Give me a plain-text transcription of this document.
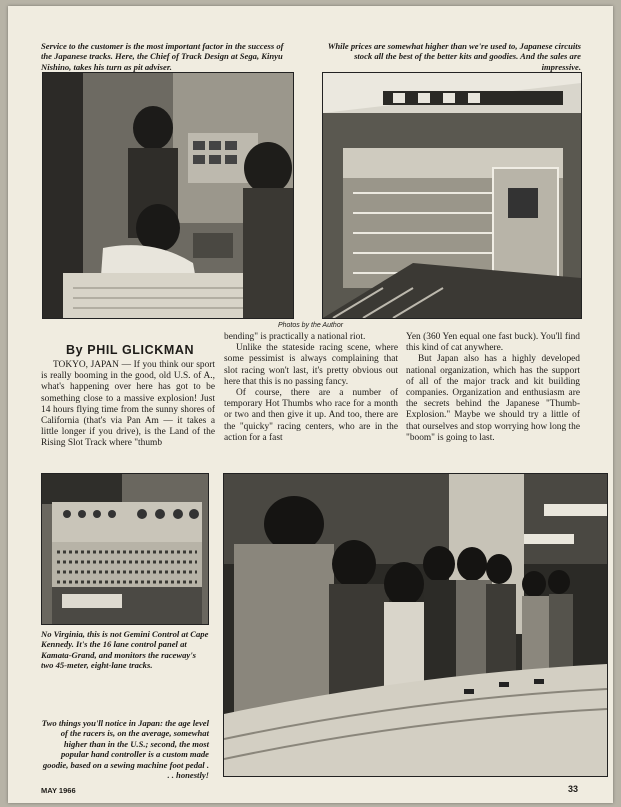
Service to the customer is the most important factor in the success of the Japanese tracks. Here, the Chief of Track Design at Sega, Kinyu Nishino, takes his turn as pit adviser.
While prices are somewhat higher than we're used to, Japanese circuits stock all the best of the better kits and goodies. And the sales are impressive.
Photos by the Author
By PHIL GLICKMAN

TOKYO, JAPAN — If you think our sport is really booming in the good, old U.S. of A., what's happening over here has got to be something close to a massive explosion! Just 14 hours flying time from the sunny shores of California (that's via Pan Am — it takes a little longer if you drive), is the Land of the Rising Slot Track where "thumb

bending" is practically a national riot.

Unlike the stateside racing scene, where some pessimist is always complaining that slot racing won't last, it's pretty obvious out here that this is no passing fancy.

Of course, there are a number of temporary Hot Thumbs who race for a month or two and then give it up. And too, there are the "quicky" racing centers, who are in the action for a fast

Yen (360 Yen equal one fast buck). You'll find this kind of cat anywhere.

But Japan also has a highly developed national organization, which has the support of all of the major track and kit building companies. Organization and enthusiasm are the secrets behind the Japanese "Thumb-Explosion." Maybe we should try a little of that ourselves and stop worrying how long the "boom" is going to last.

No Virginia, this is not Gemini Control at Cape Kennedy. It's the 16 lane control panel at Kamata-Grand, and monitors the raceway's two 45-meter, eight-lane tracks.
Two things you'll notice in Japan: the age level of the racers is, on the average, somewhat higher than in the U.S.; second, the most popular hand controller is a custom made goodie, based on a sewing machine foot pedal . . . honestly!
MAY 1966	33
